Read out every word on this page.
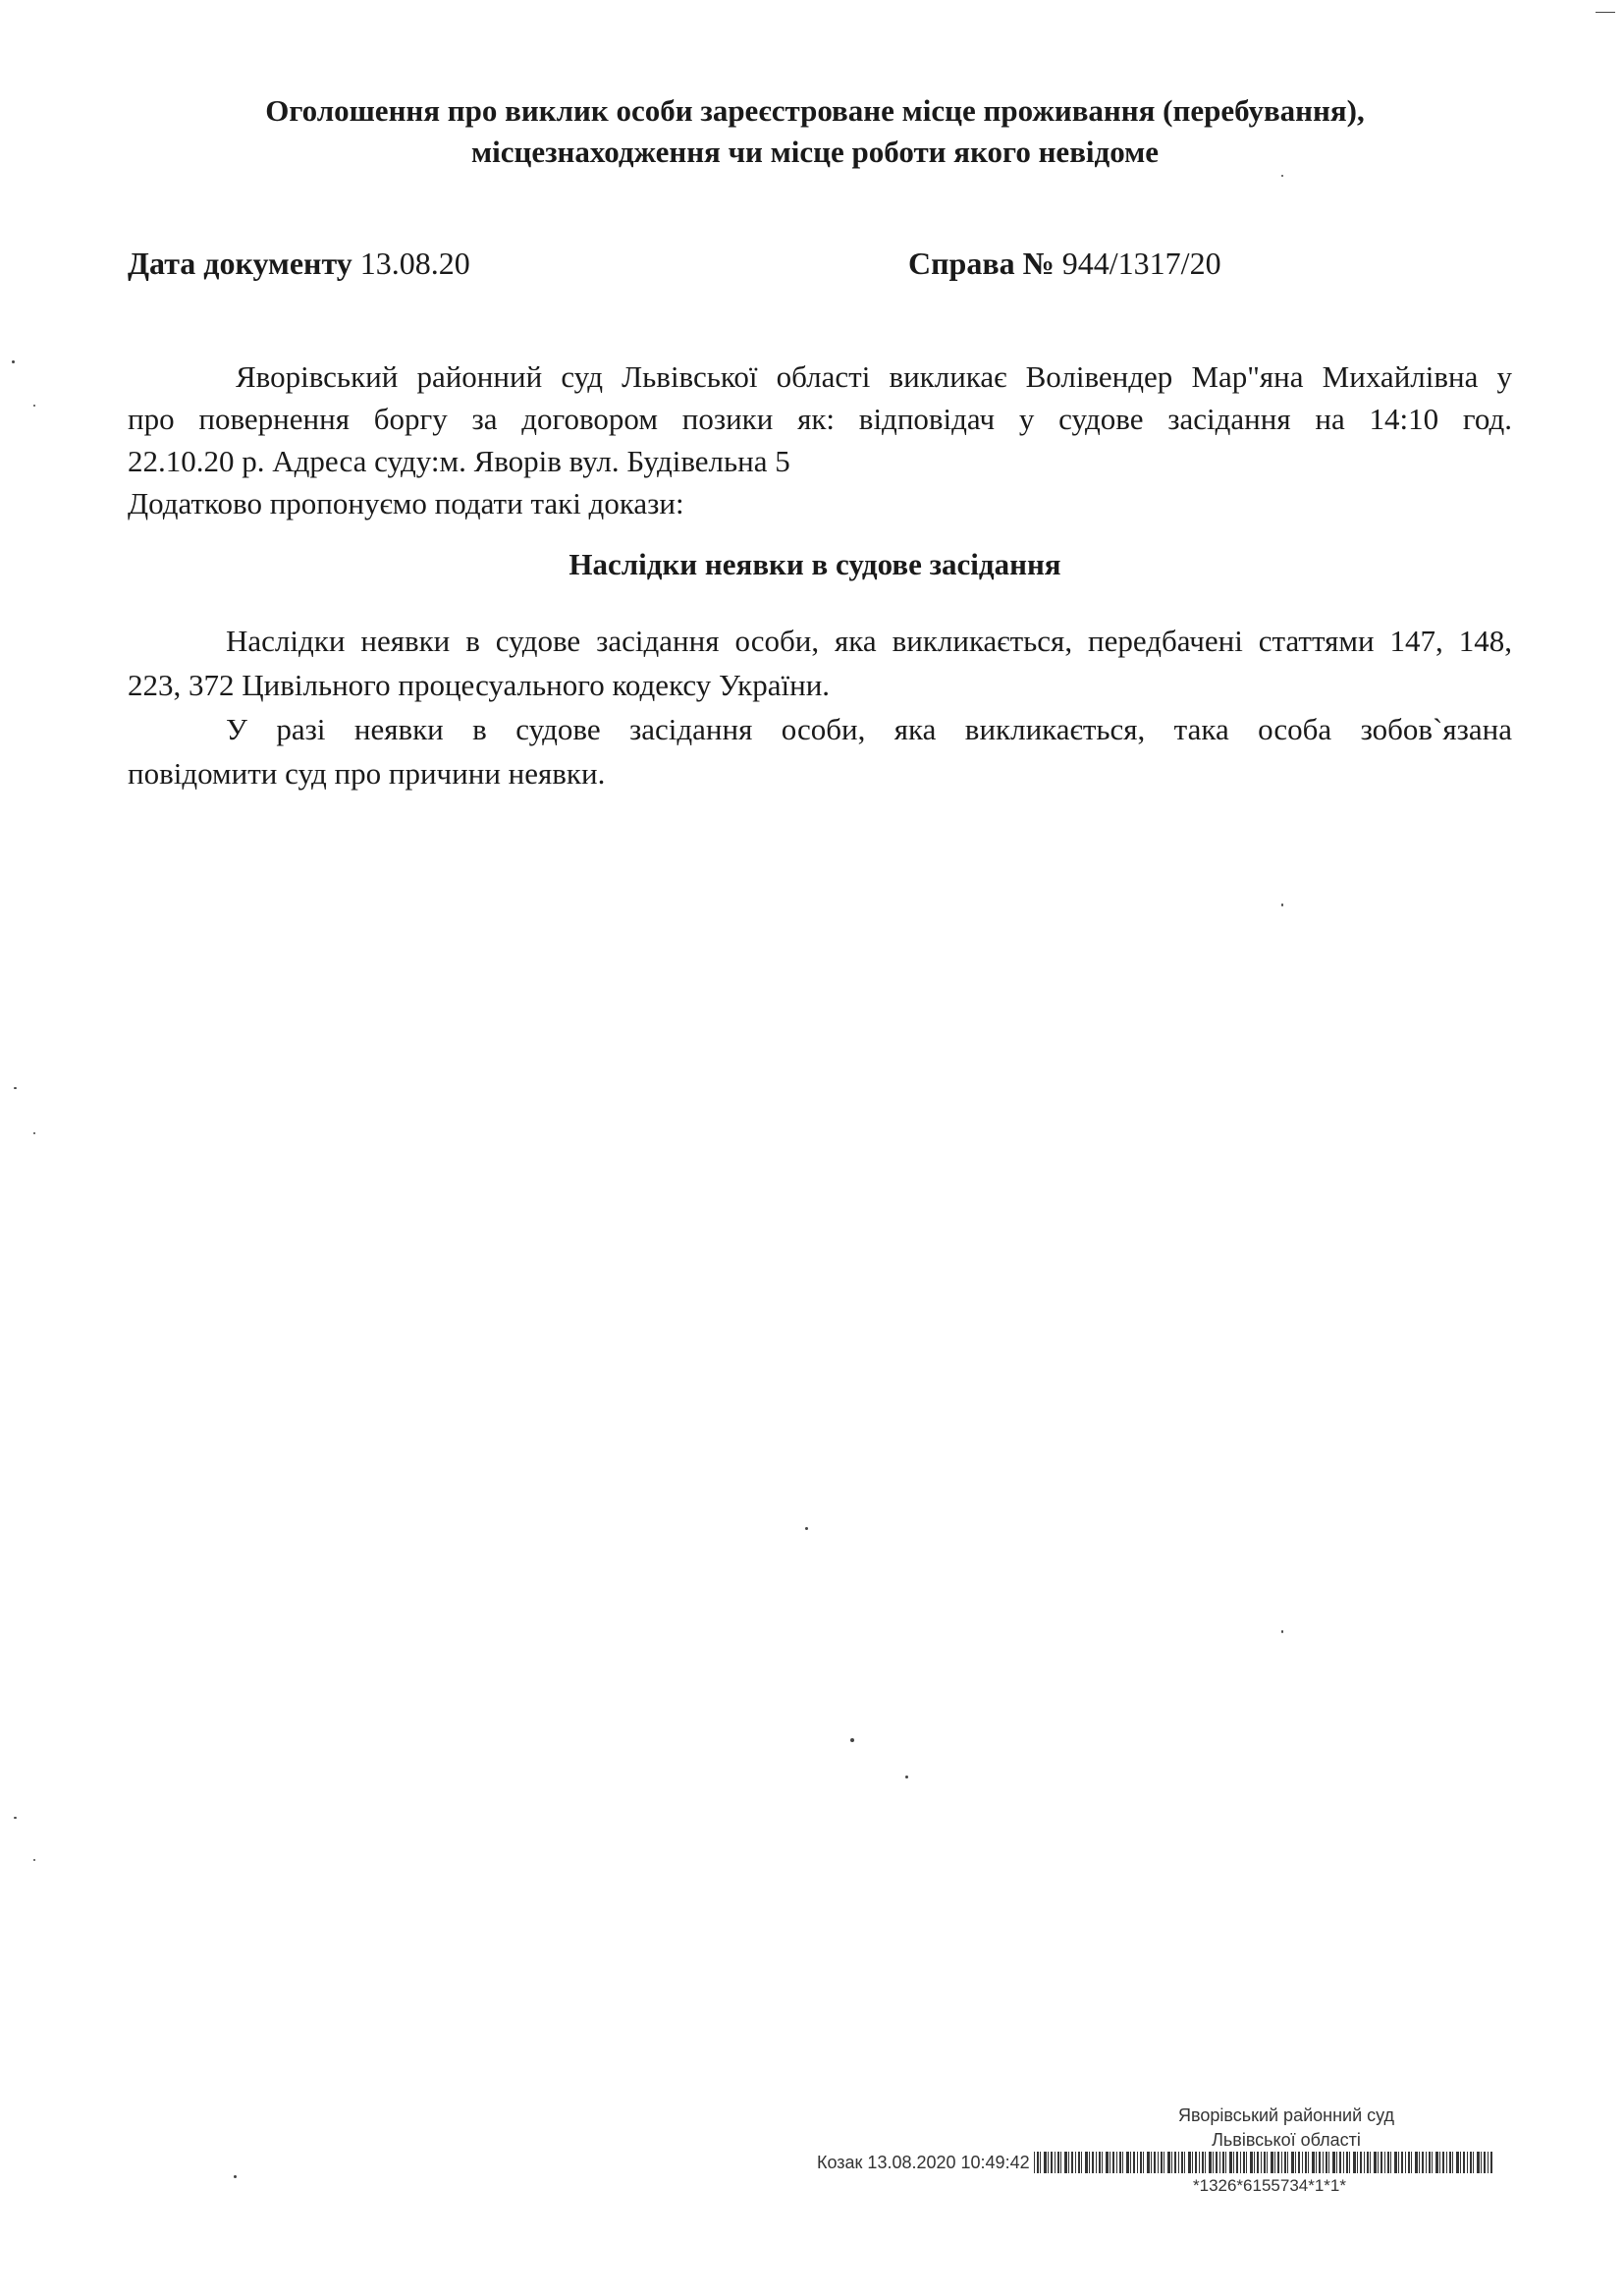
Оголошення про виклик особи зареєстроване місце проживання (перебування),
місцезнаходження чи місце роботи якого невідоме
Дата документу 13.08.20	Справа № 944/1317/20
Яворівський районний суд Львівської області викликає Волівендер Мар"яна Михайлівна у
про повернення боргу за договором позики як: відповідач у судове засідання на 14:10 год.
22.10.20 р. Адреса суду:м. Яворів вул. Будівельна 5
Додатково пропонуємо подати такі докази:
Наслідки неявки в судове засідання
Наслідки неявки в судове засідання особи, яка викликається, передбачені статтями 147, 148,
223, 372 Цивільного процесуального кодексу України.
У разі неявки в судове засідання особи, яка викликається, така особа зобов`язана
повідомити суд про причини неявки.
Яворівський районний суд
Львівської області
Козак 13.08.2020 10:49:42
*1326*6155734*1*1*
